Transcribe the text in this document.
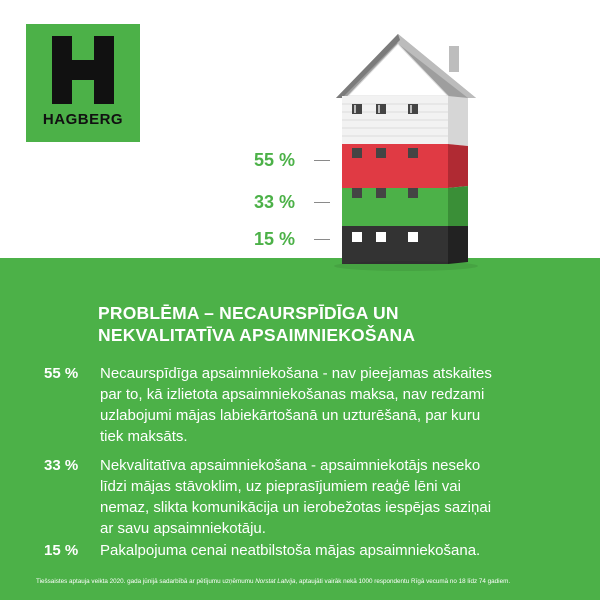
HAGBERG
55 %
33 %
15 %
PROBLĒMA – NECAURSPĪDĪGA UN
NEKVALITATĪVA APSAIMNIEKOŠANA
55 %	Necaurspīdīga apsaimniekošana - nav pieejamas atskaites
par to, kā izlietota apsaimniekošanas maksa, nav redzami
uzlabojumi mājas labiekārtošanā un uzturēšanā, par kuru
tiek maksāts.
33 %	Nekvalitatīva apsaimniekošana - apsaimniekotājs neseko
līdzi mājas stāvoklim, uz pieprasījumiem reaģē lēni vai
nemaz, slikta komunikācija un ierobežotas iespējas saziņai
ar savu apsaimniekotāju.
15 %	Pakalpojuma cenai neatbilstoša mājas apsaimniekošana.
Tiešsaistes aptauja veikta 2020. gada jūnijā sadarbībā ar pētījumu uzņēmumu Norstat Latvija, aptaujāti vairāk nekā 1000 respondentu Rīgā vecumā no 18 līdz 74 gadiem.
